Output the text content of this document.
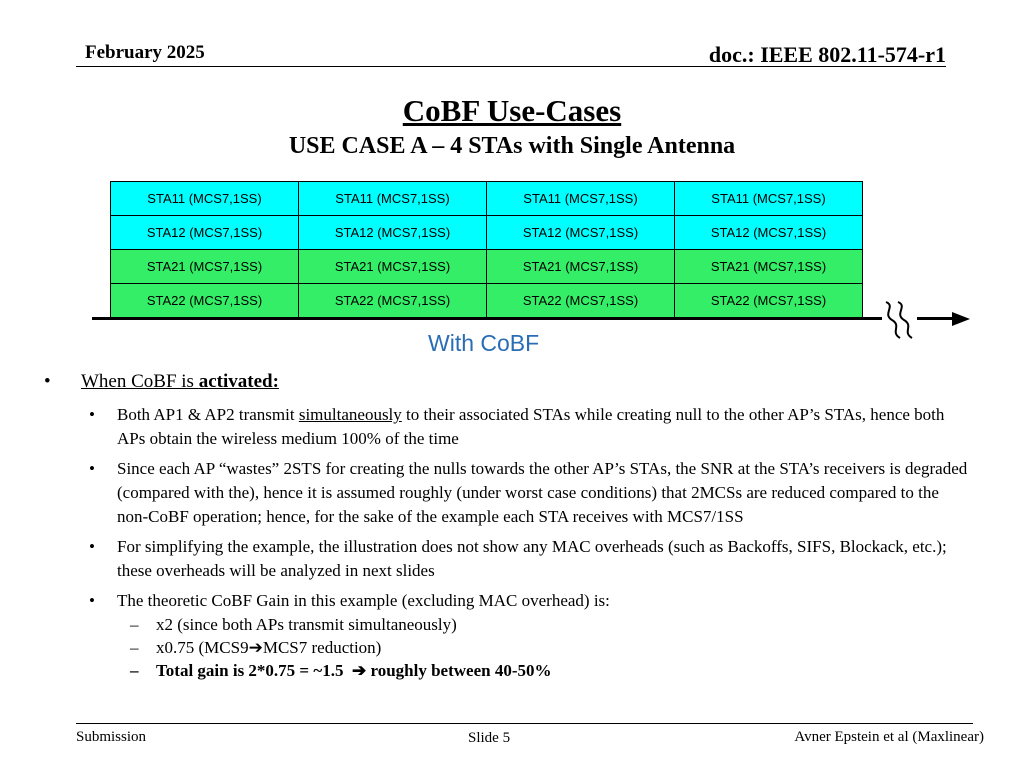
February 2025	doc.: IEEE 802.11-574-r1
CoBF Use-Cases
USE CASE A – 4 STAs with Single Antenna
STA11 (MCS7,1SS)	STA11 (MCS7,1SS)	STA11 (MCS7,1SS)	STA11 (MCS7,1SS)
STA12 (MCS7,1SS)	STA12 (MCS7,1SS)	STA12 (MCS7,1SS)	STA12 (MCS7,1SS)
STA21 (MCS7,1SS)	STA21 (MCS7,1SS)	STA21 (MCS7,1SS)	STA21 (MCS7,1SS)
STA22 (MCS7,1SS)	STA22 (MCS7,1SS)	STA22 (MCS7,1SS)	STA22 (MCS7,1SS)
With CoBF
• When CoBF is activated:
• Both AP1 & AP2 transmit simultaneously to their associated STAs while creating null to the other AP’s STAs, hence both APs obtain the wireless medium 100% of the time
• Since each AP “wastes” 2STS for creating the nulls towards the other AP’s STAs, the SNR at the STA’s receivers is degraded (compared with the), hence it is assumed roughly (under worst case conditions) that 2MCSs are reduced compared to the non-CoBF operation; hence, for the sake of the example each STA receives with MCS7/1SS
• For simplifying the example, the illustration does not show any MAC overheads (such as Backoffs, SIFS, Blockack, etc.); these overheads will be analyzed in next slides
• The theoretic CoBF Gain in this example (excluding MAC overhead) is:
– x2 (since both APs transmit simultaneously)
– x0.75 (MCS9➔MCS7 reduction)
– Total gain is 2*0.75 = ~1.5  ➔ roughly between 40-50%
Submission	Slide 5	Avner Epstein et al (Maxlinear)
